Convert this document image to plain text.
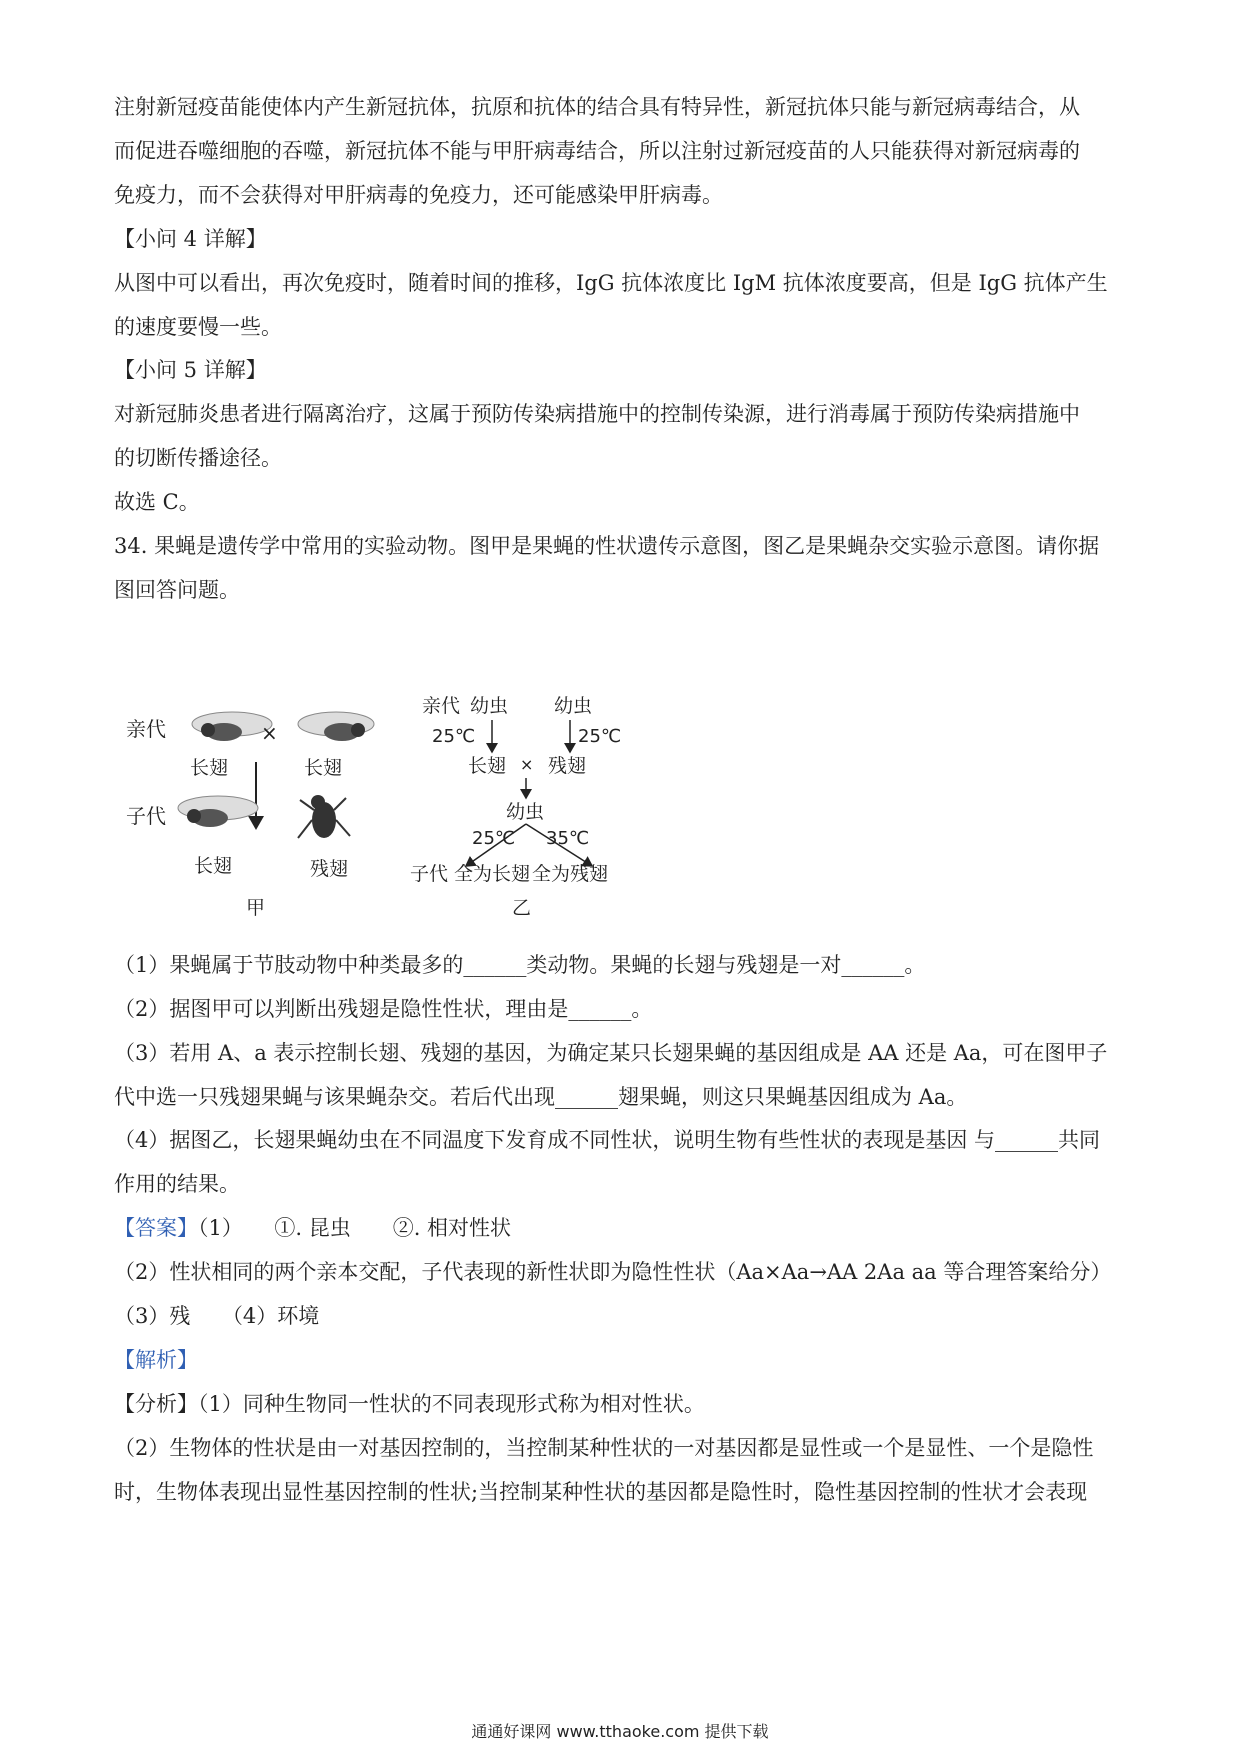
注射新冠疫苗能使体内产生新冠抗体，抗原和抗体的结合具有特异性，新冠抗体只能与新冠病毒结合，从
而促进吞噬细胞的吞噬，新冠抗体不能与甲肝病毒结合，所以注射过新冠疫苗的人只能获得对新冠病毒的
免疫力，而不会获得对甲肝病毒的免疫力，还可能感染甲肝病毒。
【小问 4 详解】
从图中可以看出，再次免疫时，随着时间的推移，IgG 抗体浓度比 IgM 抗体浓度要高，但是 IgG 抗体产生
的速度要慢一些。
【小问 5 详解】
对新冠肺炎患者进行隔离治疗，这属于预防传染病措施中的控制传染源，进行消毒属于预防传染病措施中
的切断传播途径。
故选 C。
34. 果蝇是遗传学中常用的实验动物。图甲是果蝇的性状遗传示意图，图乙是果蝇杂交实验示意图。请你据
图回答问题。
亲代	×
长翅	长翅
子代
长翅	残翅
甲
亲代 幼虫 幼虫
25℃	25℃
长翅 × 残翅
幼虫
25℃ 35℃
子代 全为长翅 全为残翅
乙
（1）果蝇属于节肢动物中种类最多的______类动物。果蝇的长翅与残翅是一对______。
（2）据图甲可以判断出残翅是隐性性状，理由是______。
（3）若用 A、a 表示控制长翅、残翅的基因，为确定某只长翅果蝇的基因组成是 AA 还是 Aa，可在图甲子
代中选一只残翅果蝇与该果蝇杂交。若后代出现______翅果蝇，则这只果蝇基因组成为 Aa。
（4）据图乙，长翅果蝇幼虫在不同温度下发育成不同性状，说明生物有些性状的表现是基因 与______共同
作用的结果。
【答案】（1）　　①. 昆虫　　②. 相对性状
（2）性状相同的两个亲本交配，子代表现的新性状即为隐性性状（Aa×Aa→AA 2Aa aa 等合理答案给分）
（3）残　　（4）环境
【解析】
【分析】（1）同种生物同一性状的不同表现形式称为相对性状。
（2）生物体的性状是由一对基因控制的，当控制某种性状的一对基因都是显性或一个是显性、一个是隐性
时，生物体表现出显性基因控制的性状;当控制某种性状的基因都是隐性时，隐性基因控制的性状才会表现
通通好课网 www.tthaoke.com 提供下载
